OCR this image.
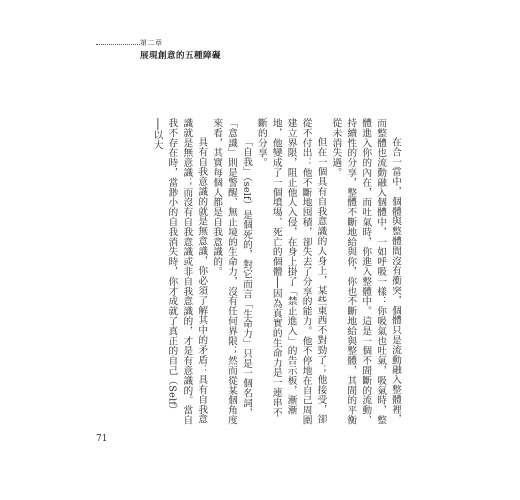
第二章
展現創意的五種障礙

在合一當中，個體與整體間沒有衝突，個體只是流動融入整體裡，而整體也流動融入個體中，一如呼吸一樣：你吸氣也吐氣，吸氣時，整體進入你的內在，而吐氣時，你進入整體中。這是一個不間斷的流動、持續性的分享，整體不斷地給與你，你也不斷地給與整體，其間的平衡從未消失過。

但在一個具有自我意識的人身上，某些東西不對勁了；他接受，卻從不付出：他不斷地囤積，卻失去了分享的能力。他不停地在自己周圍建立界限，阻止他人入侵，在身上掛了「禁止進入」的告示板，漸漸地，他變成了一個墳場、死亡的個體──因為真實的生命力是一連串不斷的分享。

「自我」（self）是個死的，對它而言「生命力」只是一個名詞，「意識」則是警醒、無止境的生命力，沒有任何界限；然而從某個角度來看，其實每個人都是自我意識的。

具有自我意識的就是無意識，你必須了解其中的矛盾：具有自我意識就是無意識；而沒有自我意識或非自我意識的，才是有意識的。當自我不存在時，當渺小的自我消失時，你才成就了真正的自己（Self）──以大

71
